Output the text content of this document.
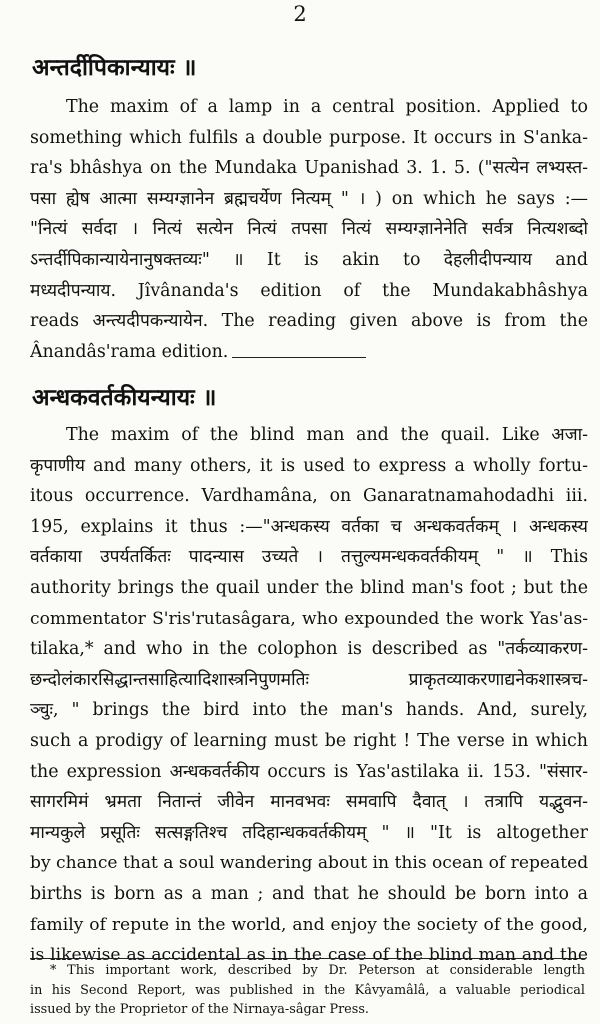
2
अन्तर्दीपिकान्यायः ॥
The maxim of a lamp in a central position. Applied to
something which fulfils a double purpose. It occurs in S'anka-
ra's bhâshya on the Mundaka Upanishad 3. 1. 5. ("सत्येन लभ्यस्त-
पसा ह्येष आत्मा सम्यग्ज्ञानेन ब्रह्मचर्येण नित्यम् " । ) on which he says :—
"नित्यं सर्वदा । नित्यं सत्येन नित्यं तपसा नित्यं सम्यग्ज्ञानेनेति सर्वत्र नित्यशब्दो
ऽन्तर्दीपिकान्यायेनानुषक्तव्यः" ॥ It is akin to देहलीदीपन्याय and
मध्यदीपन्याय. Jîvânanda's edition of the Mundakabhâshya
reads अन्त्यदीपकन्यायेन. The reading given above is from the
Ânandâs'rama edition.
अन्धकवर्तकीयन्यायः ॥
The maxim of the blind man and the quail. Like अजा-
कृपाणीय and many others, it is used to express a wholly fortu-
itous occurrence. Vardhamâna, on Ganaratnamahodadhi iii.
195, explains it thus :—"अन्धकस्य वर्तका च अन्धकवर्तकम् । अन्धकस्य
वर्तकाया उपर्यतर्कितः पादन्यास उच्यते । तत्तुल्यमन्धकवर्तकीयम् " ॥ This
authority brings the quail under the blind man's foot ; but the
commentator S'ris'rutasâgara, who expounded the work Yas'as-
tilaka,* and who in the colophon is described as "तर्कव्याकरण-
छन्दोलंकारसिद्धान्तसाहित्यादिशास्त्रनिपुणमतिः प्राकृतव्याकरणाद्यनेकशास्त्रच-
ञ्चुः, " brings the bird into the man's hands. And, surely,
such a prodigy of learning must be right ! The verse in which
the expression अन्धकवर्तकीय occurs is Yas'astilaka ii. 153. "संसार-
सागरमिमं भ्रमता नितान्तं जीवेन मानवभवः समवापि दैवात् । तत्रापि यद्भुवन-
मान्यकुले प्रसूतिः सत्सङ्गतिश्च तदिहान्धकवर्तकीयम् " ॥ "It is altogether
by chance that a soul wandering about in this ocean of repeated
births is born as a man ; and that he should be born into a
family of repute in the world, and enjoy the society of the good,
is likewise as accidental as in the case of the blind man and the
* This important work, described by Dr. Peterson at considerable length
in his Second Report, was published in the Kâvyamâlâ, a valuable periodical
issued by the Proprietor of the Nirnaya-sâgar Press.
